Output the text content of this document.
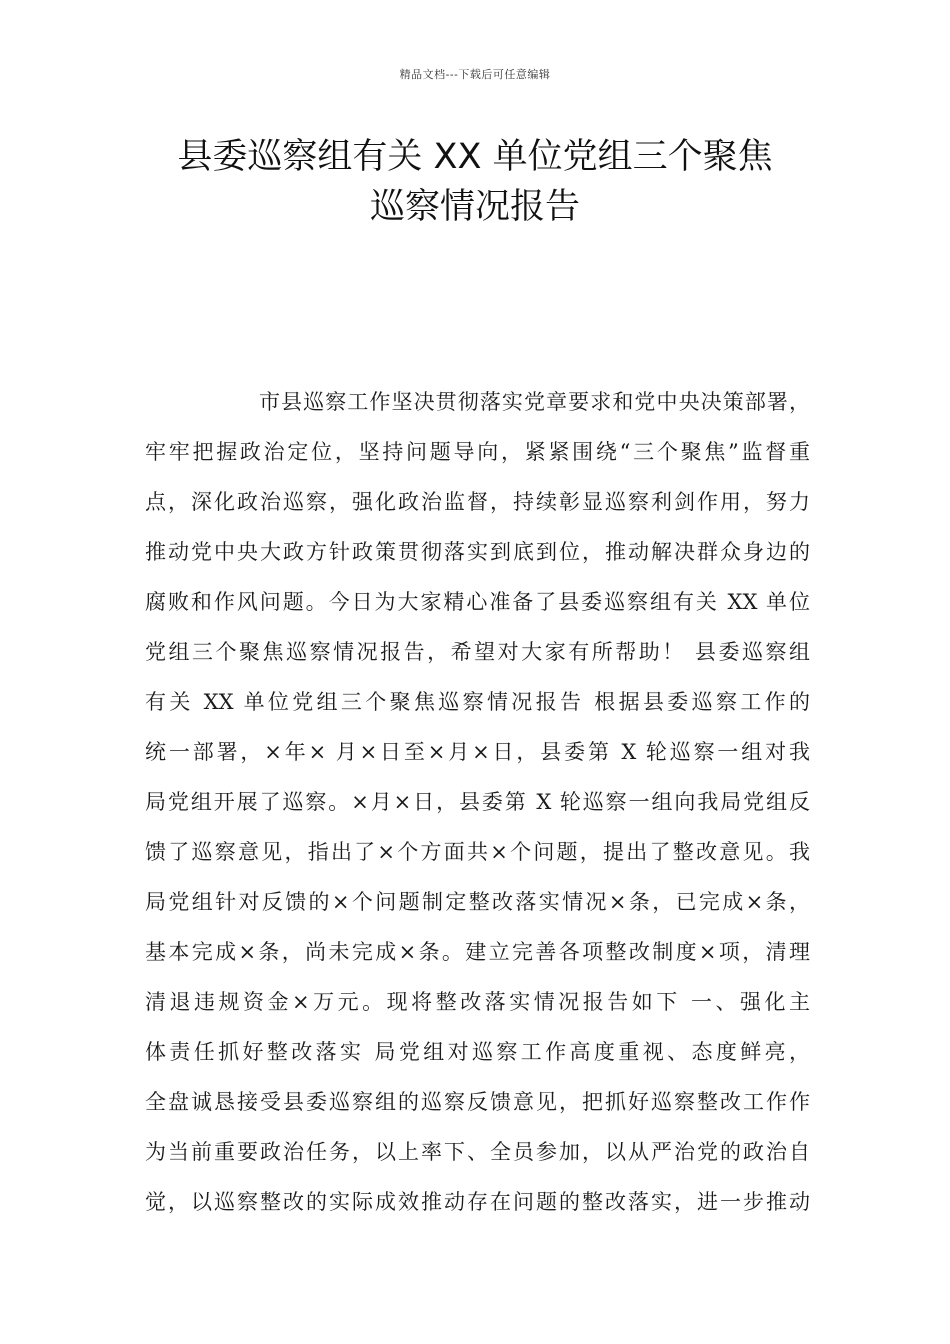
精品文档---下载后可任意编辑
县委巡察组有关 XX 单位党组三个聚焦
巡察情况报告
市县巡察工作坚决贯彻落实党章要求和党中央决策部署，
牢牢把握政治定位，坚持问题导向，紧紧围绕“三个聚焦”监督重
点，深化政治巡察，强化政治监督，持续彰显巡察利剑作用，努力
推动党中央大政方针政策贯彻落实到底到位，推动解决群众身边的
腐败和作风问题。今日为大家精心准备了县委巡察组有关 XX 单位
党组三个聚焦巡察情况报告，希望对大家有所帮助！ 县委巡察组
有关 XX 单位党组三个聚焦巡察情况报告 根据县委巡察工作的
统一部署，×年× 月×日至×月×日，县委第 X 轮巡察一组对我
局党组开展了巡察。×月×日，县委第 X 轮巡察一组向我局党组反
馈了巡察意见，指出了×个方面共×个问题，提出了整改意见。我
局党组针对反馈的×个问题制定整改落实情况×条，已完成×条，
基本完成×条，尚未完成×条。建立完善各项整改制度×项，清理
清退违规资金×万元。现将整改落实情况报告如下 一、强化主
体责任抓好整改落实 局党组对巡察工作高度重视、态度鲜亮，
全盘诚恳接受县委巡察组的巡察反馈意见，把抓好巡察整改工作作
为当前重要政治任务，以上率下、全员参加，以从严治党的政治自
觉，以巡察整改的实际成效推动存在问题的整改落实，进一步推动
